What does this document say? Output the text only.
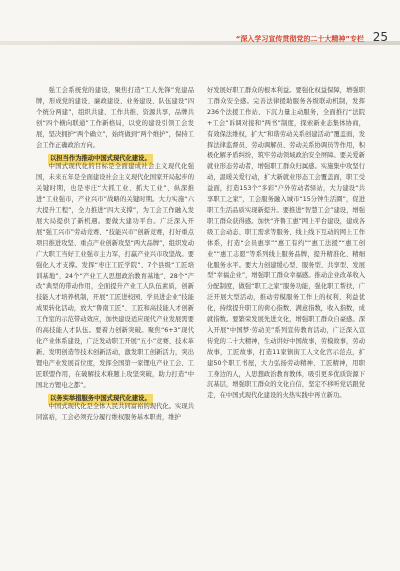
“深入学习宣传贯彻党的二十大精神”专栏 25

强工会系统党的建设，聚焦打造“工人先锋”党建品牌，形成党的建设、廉政建设、业务建设、队伍建设“四个统分两建”，组织共建、工作共推、资源共享，品牌共创“四个横向联通”工作新格局，以党的建设引领工会发展，坚决拥护“两个确立”，始终做到“两个维护”，保持工会工作正确政治方向。

以担当作为推动中国式现代化建设。

中国式现代化的目标是全面建成社会主义现代化强国，未来五年是全面建设社会主义现代化国家开局起步的关键时期，也是枣庄“大抓工业、抓大工业”、纵深推进“工业强市，产业兴市”战略的关键时期。大力实施“六大提升工程”，全力推进“四大支撑”，为工会工作融入发展大局提供了新机遇。要做大建功平台。广泛深入开展“强工兴市”劳动竞赛、“技能兴市”创新竞赛，打好重点项目推进攻坚、重点产业创新攻坚“两大品牌”，组织发动广大职工当好工业强市主力军，打赢产业兴市攻坚战。要强化人才支撑。发挥“枣庄工匠学院”、7个县级“工匠培训基地”、24个“产业工人思想政治教育基地”、28个“产改”典型的带动作用，全面提升产业工人队伍素质，创新技能人才培养机制，开展“工匠进校园、学员进企业”技能成果转化活动，放大“鲁南工匠”、工匠和高技能人才创新工作室的示范带动效应，加快建设适应现代产业发展需要的高技能人才队伍。要着力创新突破。聚焦“6+3”现代化产业体系建设，广泛发动职工开展“五小”竞赛、技术革新、发明创造等技术创新活动，激发职工创新活力，突出锂电产业发展首位度，发挥全国第一家锂电产业工会、工匠联盟作用，在破解技术难题上攻坚突破，助力打造“中国北方锂电之都”。

以务实举措服务中国式现代化建设。

中国式现代化是全体人民共同富裕的现代化。实现共同富裕，工会必须充分履行维权服务基本职责，维护

好发展好职工群众的根本利益。要强化权益保障，增强职工群众安全感。完善法律援助服务各级联动机制，发挥236个法援工作站、下沉力量主动服务，全面推行“法院+工会”诉调对接和“两书”制度，探索新业态集体协商，有效保法维权，扩大“和谐劳动关系创建活动”覆盖面，发挥法律监督员、劳动调解员、劳动关系协调员等作用，积极化解矛盾纠纷，筑牢劳动领域政治安全屏障。要关爱新就业形态劳动者，增强职工群众归属感。实施集中攻坚行动，温暖关爱行动，扩大新就业形态工会覆盖面，职工受益面，打造153个“多彩”户外劳动者驿站，大力建设“共享职工之家”，工会服务融入城市“15分钟生活圈”，促进职工生活品质实现新提升。要推进“智慧工会”建设，增强职工群众获得感。加快“齐鲁工惠”网上平台建设，建成各级工会动态、职工需求等服务、线上线下互动的网上工作体系，打造“会员惠享”“惠工有约”“惠工法援”“惠工创业”“惠工志愿”等系列线上服务品牌，提升精准化、精细化服务水平。要大力创建缓心型、服务型、共享型、发展型“幸福企业”，增强职工群众幸福感。推动企业改革收入分配制度，做强“职工之家”服务功能，强化职工帮扶，广泛开展大型活动，推动劳模服务工作上的权利、利益优化，持续提升职工的荷心指数、满意指数，收入指数，成就指数。要繁荣发展先进文化，增强职工群众自豪感。深入开展“中国梦·劳动美”系列宣传教育活动，广泛深入宣传党的二十大精神，生动讲好中国故事，劳模故事，劳动故事，工匠故事，打造11家镇街工人文化宫示范点，扩建50个职工书屋，大力弘扬劳动精神、工匠精神，用职工身边的人，人思想政治教育教体，吸引更多优质资源下沉基层，增强职工群众的文化自信，坚定不移听党话跟党走，在中国式现代化建设的火热实践中再立新功。
